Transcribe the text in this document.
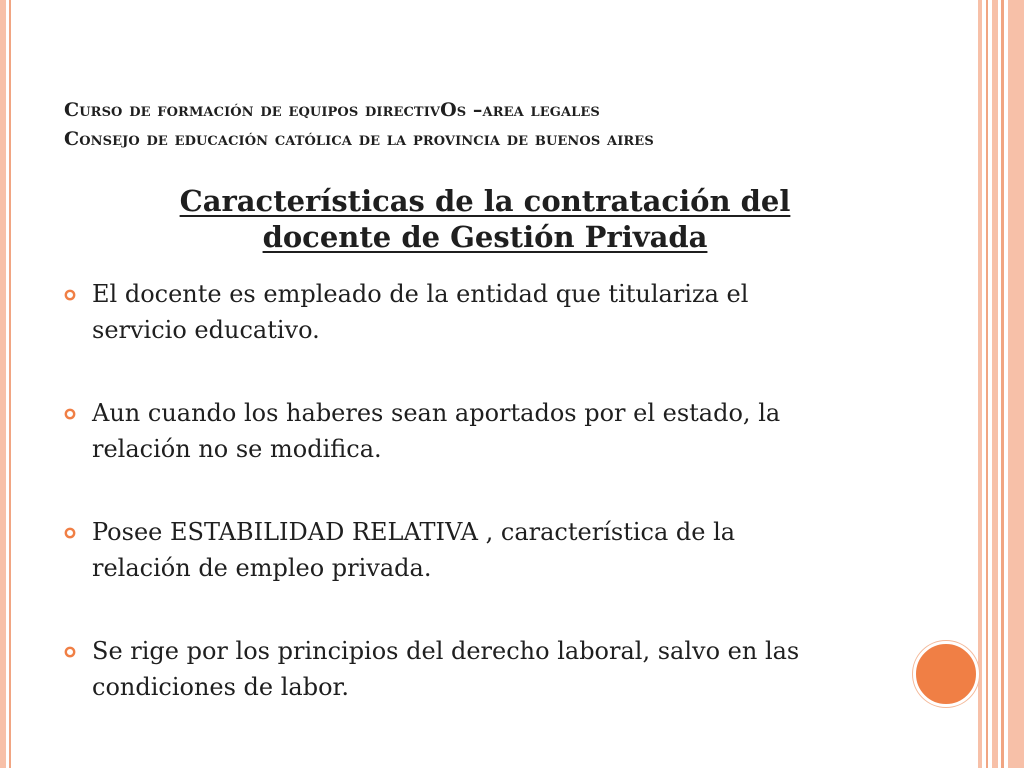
Curso de formación de equipos directivOs –area legales
Consejo de educación católica de la provincia de buenos aires
Características de la contratación del
docente de Gestión Privada
El docente es empleado de la entidad que titulariza el
servicio educativo.
Aun cuando los haberes sean aportados por el estado, la
relación no se modifica.
Posee ESTABILIDAD RELATIVA , característica de la
relación de empleo privada.
Se rige por los principios del derecho laboral, salvo en las
condiciones de labor.
